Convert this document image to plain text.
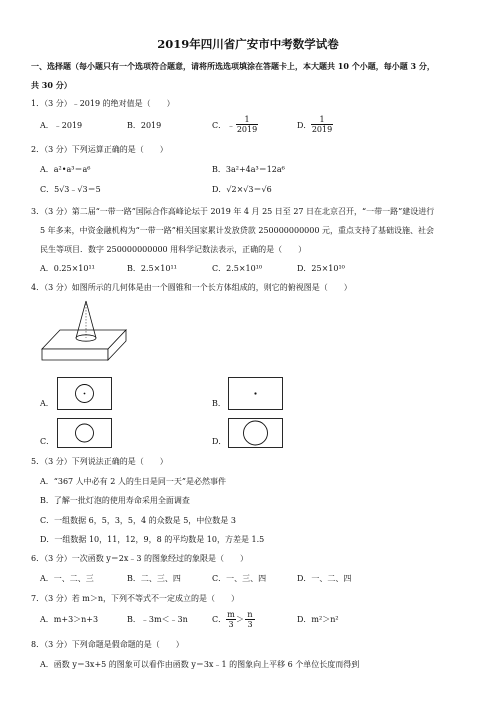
2019年四川省广安市中考数学试卷
一、选择题（每小题只有一个选项符合题意，请将所选选项填涂在答题卡上，本大题共 10 个小题，每小题 3 分，
共 30 分）
1．（3 分）﹣2019 的绝对值是（　　）
A．﹣2019	B．2019	C． ﹣
1
2019	D．
1
2019
2．（3 分）下列运算正确的是（　　）
A．a²•a³＝a⁶	B．3a²+4a³＝12a⁶
C．5√3﹣√3＝5	D．√2×√3＝√6
3．（3 分）第二届“一带一路”国际合作高峰论坛于 2019 年 4 月 25 日至 27 日在北京召开，“一带一路”建设进行
5 年多来，中资金融机构为“一带一路”相关国家累计发放贷款 250000000000 元，重点支持了基础设施、社会
民生等项目．数字 250000000000 用科学记数法表示，正确的是（　　）
A．0.25×10¹¹	B．2.5×10¹¹	C．2.5×10¹⁰	D．25×10¹⁰
4．（3 分）如图所示的几何体是由一个圆锥和一个长方体组成的，则它的俯视图是（　　）
A．	B．
C．	D．
5．（3 分）下列说法正确的是（　　）
A．“367 人中必有 2 人的生日是同一天”是必然事件
B．了解一批灯泡的使用寿命采用全面调查
C．一组数据 6，5，3，5，4 的众数是 5，中位数是 3
D．一组数据 10，11，12，9，8 的平均数是 10，方差是 1.5
6．（3 分）一次函数 y＝2x﹣3 的图象经过的象限是（　　）
A．一、二、三	B．二、三、四	C．一、三、四	D．一、二、四
7．（3 分）若 m＞n，下列不等式不一定成立的是（　　）
A．m+3＞n+3	B．﹣3m＜﹣3n	C．
m
3
＞
n
3
D．m²＞n²
8．（3 分）下列命题是假命题的是（　　）
A．函数 y＝3x+5 的图象可以看作由函数 y＝3x﹣1 的图象向上平移 6 个单位长度而得到
